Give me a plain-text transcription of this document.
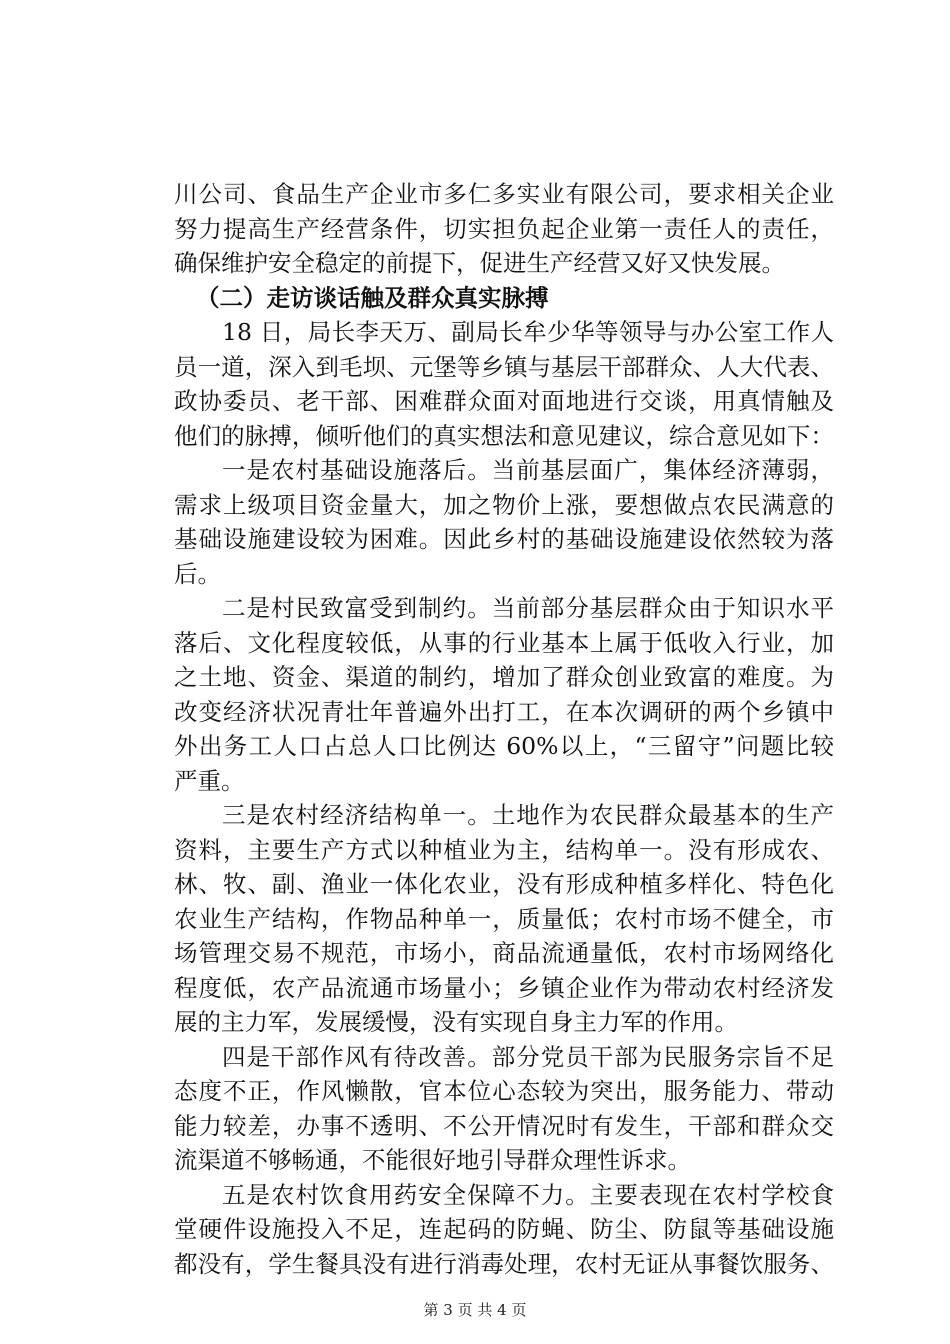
川公司、食品生产企业市多仁多实业有限公司，要求相关企业
努力提高生产经营条件，切实担负起企业第一责任人的责任，
确保维护安全稳定的前提下，促进生产经营又好又快发展。
（二）走访谈话触及群众真实脉搏
18 日，局长李天万、副局长牟少华等领导与办公室工作人
员一道，深入到毛坝、元堡等乡镇与基层干部群众、人大代表、
政协委员、老干部、困难群众面对面地进行交谈，用真情触及
他们的脉搏，倾听他们的真实想法和意见建议，综合意见如下：
一是农村基础设施落后。当前基层面广，集体经济薄弱，
需求上级项目资金量大，加之物价上涨，要想做点农民满意的
基础设施建设较为困难。因此乡村的基础设施建设依然较为落
后。
二是村民致富受到制约。当前部分基层群众由于知识水平
落后、文化程度较低，从事的行业基本上属于低收入行业，加
之土地、资金、渠道的制约，增加了群众创业致富的难度。为
改变经济状况青壮年普遍外出打工，在本次调研的两个乡镇中
外出务工人口占总人口比例达 60%以上，“三留守”问题比较
严重。
三是农村经济结构单一。土地作为农民群众最基本的生产
资料，主要生产方式以种植业为主，结构单一。没有形成农、
林、牧、副、渔业一体化农业，没有形成种植多样化、特色化
农业生产结构，作物品种单一，质量低；农村市场不健全，市
场管理交易不规范，市场小，商品流通量低，农村市场网络化
程度低，农产品流通市场量小；乡镇企业作为带动农村经济发
展的主力军，发展缓慢，没有实现自身主力军的作用。
四是干部作风有待改善。部分党员干部为民服务宗旨不足
态度不正，作风懒散，官本位心态较为突出，服务能力、带动
能力较差，办事不透明、不公开情况时有发生，干部和群众交
流渠道不够畅通，不能很好地引导群众理性诉求。
五是农村饮食用药安全保障不力。主要表现在农村学校食
堂硬件设施投入不足，连起码的防蝇、防尘、防鼠等基础设施
都没有，学生餐具没有进行消毒处理，农村无证从事餐饮服务、
第 3 页 共 4 页
